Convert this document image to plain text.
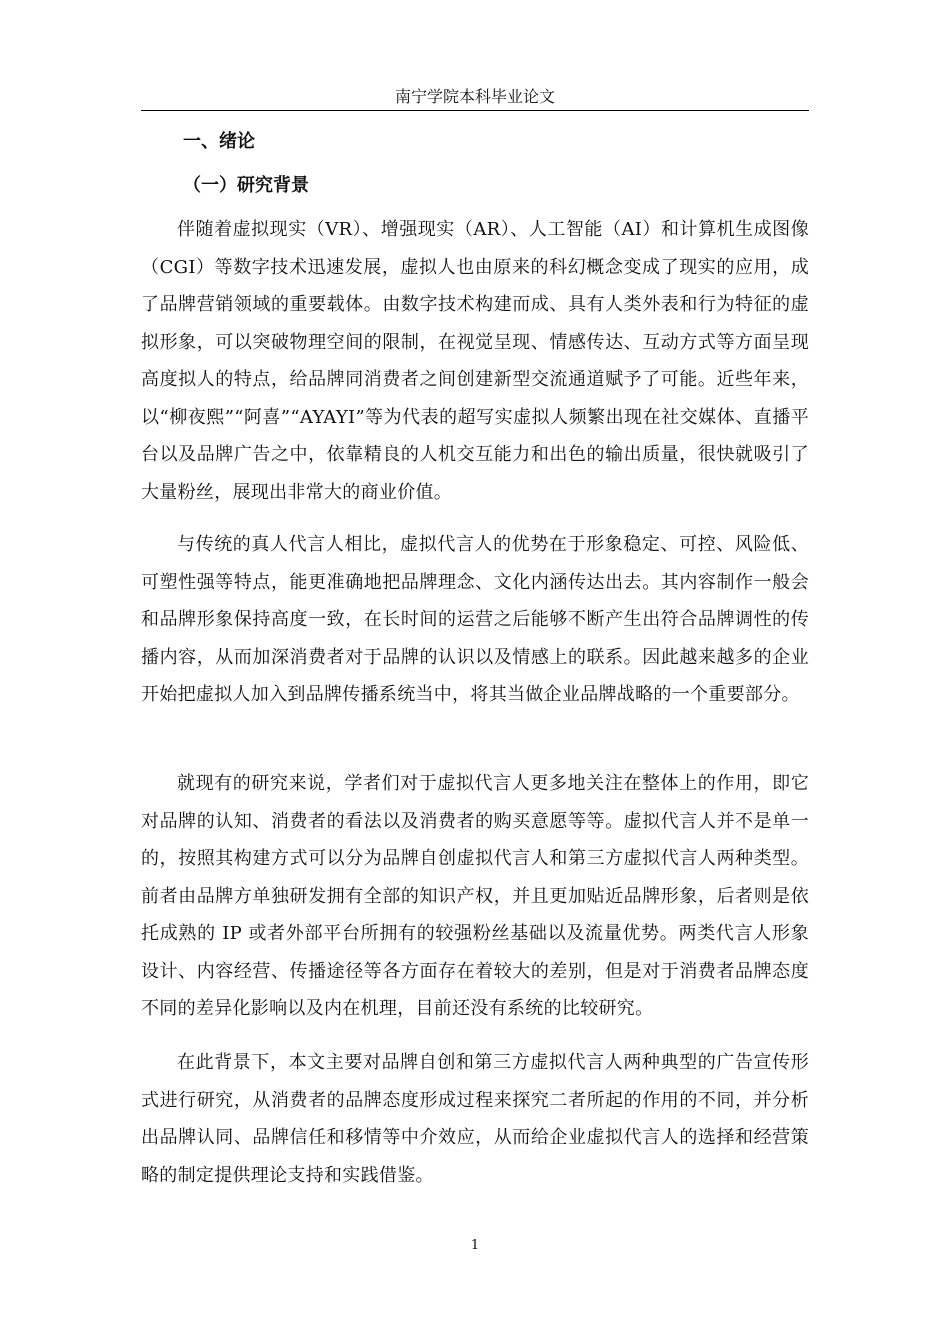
南宁学院本科毕业论文
一、绪论
（一）研究背景

伴随着虚拟现实（VR）、增强现实（AR）、人工智能（AI）和计算机生成图像（CGI）等数字技术迅速发展，虚拟人也由原来的科幻概念变成了现实的应用，成了品牌营销领域的重要载体。由数字技术构建而成、具有人类外表和行为特征的虚拟形象，可以突破物理空间的限制，在视觉呈现、情感传达、互动方式等方面呈现高度拟人的特点，给品牌同消费者之间创建新型交流通道赋予了可能。近些年来，以“柳夜熙”“阿喜”“AYAYI”等为代表的超写实虚拟人频繁出现在社交媒体、直播平台以及品牌广告之中，依靠精良的人机交互能力和出色的输出质量，很快就吸引了大量粉丝，展现出非常大的商业价值。

与传统的真人代言人相比，虚拟代言人的优势在于形象稳定、可控、风险低、可塑性强等特点，能更准确地把品牌理念、文化内涵传达出去。其内容制作一般会和品牌形象保持高度一致，在长时间的运营之后能够不断产生出符合品牌调性的传播内容，从而加深消费者对于品牌的认识以及情感上的联系。因此越来越多的企业开始把虚拟人加入到品牌传播系统当中，将其当做企业品牌战略的一个重要部分。

就现有的研究来说，学者们对于虚拟代言人更多地关注在整体上的作用，即它对品牌的认知、消费者的看法以及消费者的购买意愿等等。虚拟代言人并不是单一的，按照其构建方式可以分为品牌自创虚拟代言人和第三方虚拟代言人两种类型。前者由品牌方单独研发拥有全部的知识产权，并且更加贴近品牌形象，后者则是依托成熟的 IP 或者外部平台所拥有的较强粉丝基础以及流量优势。两类代言人形象设计、内容经营、传播途径等各方面存在着较大的差别，但是对于消费者品牌态度不同的差异化影响以及内在机理，目前还没有系统的比较研究。

在此背景下，本文主要对品牌自创和第三方虚拟代言人两种典型的广告宣传形式进行研究，从消费者的品牌态度形成过程来探究二者所起的作用的不同，并分析出品牌认同、品牌信任和移情等中介效应，从而给企业虚拟代言人的选择和经营策略的制定提供理论支持和实践借鉴。

1
